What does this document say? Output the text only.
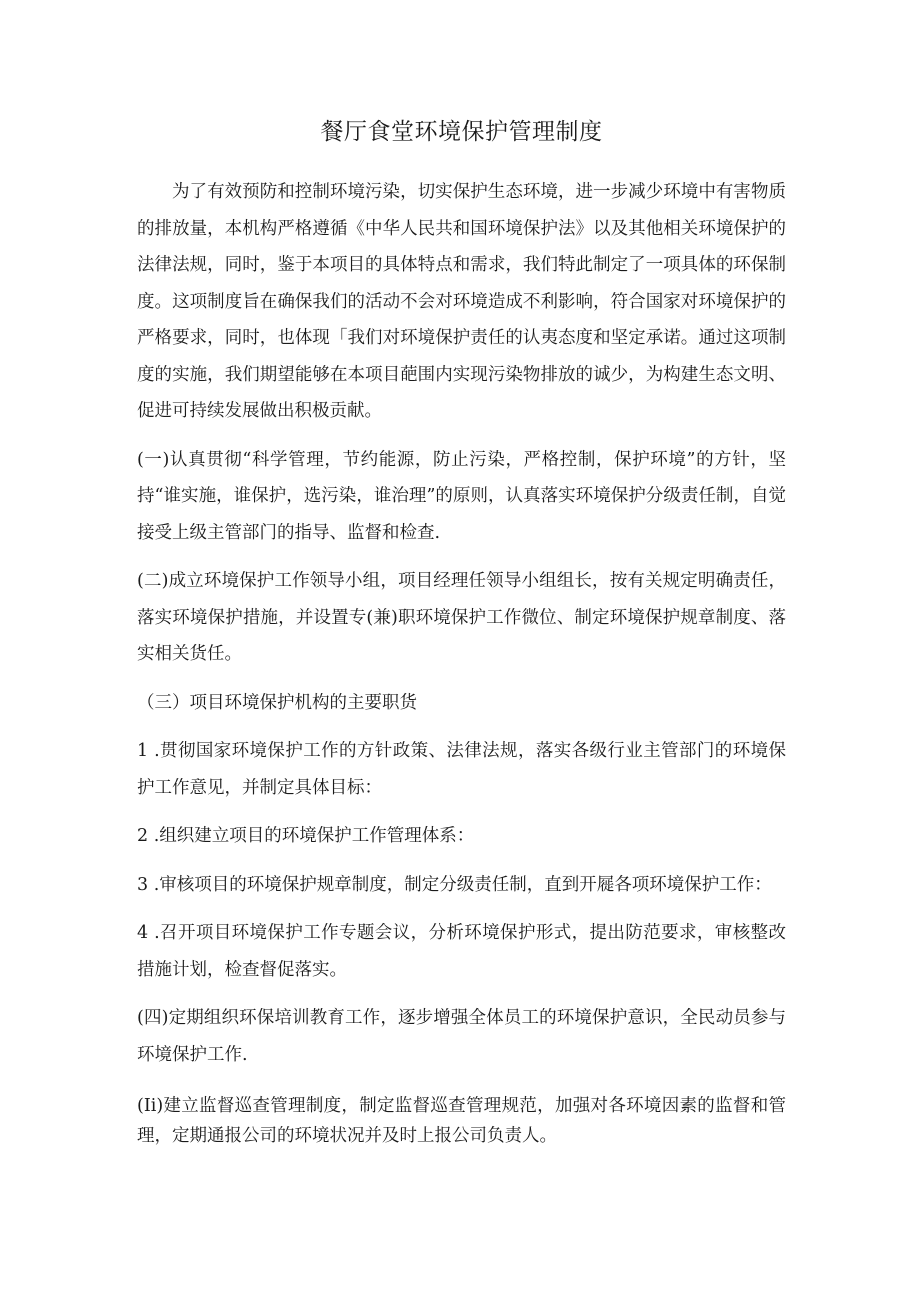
餐厅食堂环境保护管理制度

为了有效预防和控制环境污染，切实保护生态环境，进一步减少环境中有害物质的排放量，本机构严格遵循《中华人民共和国环境保护法》以及其他相关环境保护的法律法规，同时，鉴于本项目的具体特点和需求，我们特此制定了一项具体的环保制度。这项制度旨在确保我们的活动不会对环境造成不利影响，符合国家对环境保护的严格要求，同时，也体现「我们对环境保护责任的认夷态度和坚定承诺。通过这项制度的实施，我们期望能够在本项目葩围内实现污染物排放的诚少，为构建生态文明、促进可持续发展做出积极贡献。

(一)认真贯彻“科学管理，节约能源，防止污染，严格控制，保护环境”的方针，坚持“谁实施，谁保护，选污染，谁治理”的原则，认真落实环境保护分级责任制，自觉接受上级主管部门的指导、监督和检查.

(二)成立环境保护工作领导小组，项目经理任领导小组组长，按有关规定明确责任，落实环境保护措施，并设置专(兼)职环境保护工作微位、制定环境保护规章制度、落实相关货任。

（三）项目环境保护机构的主要职货

1 .贯彻国家环境保护工作的方针政策、法律法规，落实各级行业主管部门的环境保护工作意见，并制定具体目标：

2 .组织建立项目的环境保护工作管理体系：

3 .审核项目的环境保护规章制度，制定分级责任制，直到开屣各项环境保护工作：

4 .召开项目环境保护工作专题会议，分析环境保护形式，提出防范要求，审核整改措施计划，检查督促落实。

(四)定期组织环保培训教育工作，逐步增强全体员工的环境保护意识，全民动员参与环境保护工作.

(Ii)建立监督巡查管理制度，制定监督巡查管理规范，加强对各环境因素的监督和管理，定期通报公司的环境状况并及时上报公司负责人。
